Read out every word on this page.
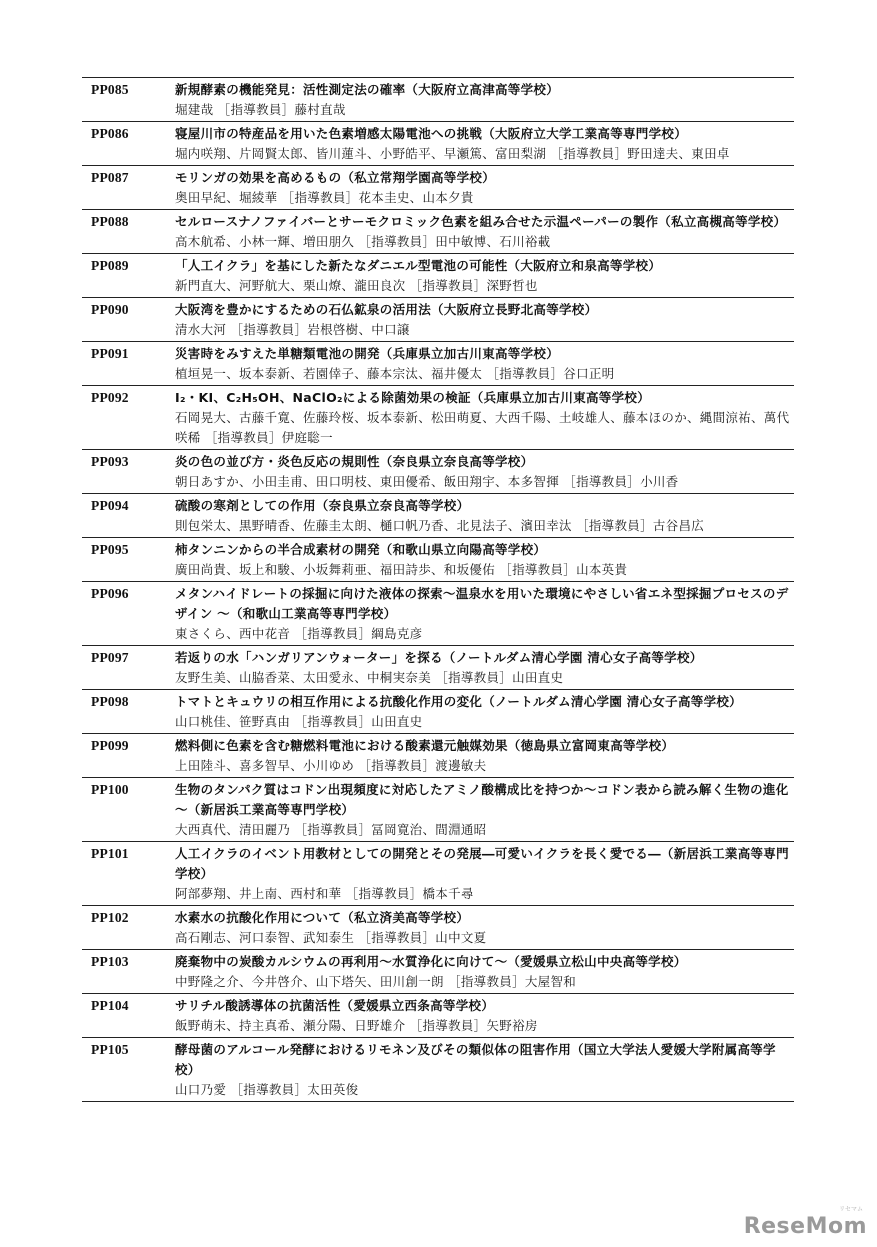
PP085	新規酵素の機能発見：活性測定法の確率（大阪府立高津高等学校）
堀建哉 ［指導教員］藤村直哉
PP086	寝屋川市の特産品を用いた色素増感太陽電池への挑戦（大阪府立大学工業高等専門学校）
堀内咲翔、片岡賢太郎、皆川蓮斗、小野皓平、早瀬篤、富田梨湖 ［指導教員］野田達夫、東田卓
PP087	モリンガの効果を高めるもの（私立常翔学園高等学校）
奥田早紀、堀綾華 ［指導教員］花本圭史、山本夕貴
PP088	セルロースナノファイバーとサーモクロミック色素を組み合せた示温ペーパーの製作（私立高槻高等学校）
高木航希、小林一輝、増田朋久 ［指導教員］田中敏博、石川裕載
PP089	「人工イクラ」を基にした新たなダニエル型電池の可能性（大阪府立和泉高等学校）
新門直大、河野航大、栗山燎、瀧田良次 ［指導教員］深野哲也
PP090	大阪湾を豊かにするための石仏鉱泉の活用法（大阪府立長野北高等学校）
清水大河 ［指導教員］岩根啓樹、中口譲
PP091	災害時をみすえた単糖類電池の開発（兵庫県立加古川東高等学校）
植垣晃一、坂本泰新、若園倖子、藤本宗汰、福井優太 ［指導教員］谷口正明
PP092	I₂・KI、C₂H₅OH、NaClO₂による除菌効果の検証（兵庫県立加古川東高等学校）
石岡晃大、古藤千寛、佐藤玲桜、坂本泰新、松田萌夏、大西千陽、土岐雄人、藤本ほのか、縄間涼祐、萬代咲稀 ［指導教員］伊庭聡一
PP093	炎の色の並び方・炎色反応の規則性（奈良県立奈良高等学校）
朝日あすか、小田圭甫、田口明枝、東田優希、飯田翔宇、本多智揮 ［指導教員］小川香
PP094	硫酸の寒剤としての作用（奈良県立奈良高等学校）
則包栄太、黒野晴香、佐藤圭太朗、樋口帆乃香、北見法子、濱田幸汰 ［指導教員］古谷昌広
PP095	柿タンニンからの半合成素材の開発（和歌山県立向陽高等学校）
廣田尚貴、坂上和駿、小坂舞莉亜、福田詩歩、和坂優佑 ［指導教員］山本英貴
PP096	メタンハイドレートの採掘に向けた液体の探索～温泉水を用いた環境にやさしい省エネ型採掘プロセスのデザイン ～（和歌山工業高等専門学校）
東さくら、西中花音 ［指導教員］綱島克彦
PP097	若返りの水「ハンガリアンウォーター」を探る（ノートルダム清心学園 清心女子高等学校）
友野生美、山脇香菜、太田愛永、中桐実奈美 ［指導教員］山田直史
PP098	トマトとキュウリの相互作用による抗酸化作用の変化（ノートルダム清心学園 清心女子高等学校）
山口桃佳、笹野真由 ［指導教員］山田直史
PP099	燃料側に色素を含む糖燃料電池における酸素還元触媒効果（徳島県立富岡東高等学校）
上田陸斗、喜多智早、小川ゆめ ［指導教員］渡邊敏夫
PP100	生物のタンパク質はコドン出現頻度に対応したアミノ酸構成比を持つか～コドン表から読み解く生物の進化～（新居浜工業高等専門学校）
大西真代、清田麗乃 ［指導教員］冨岡寛治、間淵通昭
PP101	人工イクラのイベント用教材としての開発とその発展―可愛いイクラを長く愛でる―（新居浜工業高等専門学校）
阿部夢翔、井上南、西村和華 ［指導教員］橋本千尋
PP102	水素水の抗酸化作用について（私立済美高等学校）
高石剛志、河口泰智、武知泰生 ［指導教員］山中文夏
PP103	廃棄物中の炭酸カルシウムの再利用～水質浄化に向けて～（愛媛県立松山中央高等学校）
中野隆之介、今井啓介、山下塔矢、田川創一朗 ［指導教員］大屋智和
PP104	サリチル酸誘導体の抗菌活性（愛媛県立西条高等学校）
飯野萌未、持主真希、瀬分陽、日野雄介 ［指導教員］矢野裕房
PP105	酵母菌のアルコール発酵におけるリモネン及びその類似体の阻害作用（国立大学法人愛媛大学附属高等学校）
山口乃愛 ［指導教員］太田英俊
リセマム
ReseMom
